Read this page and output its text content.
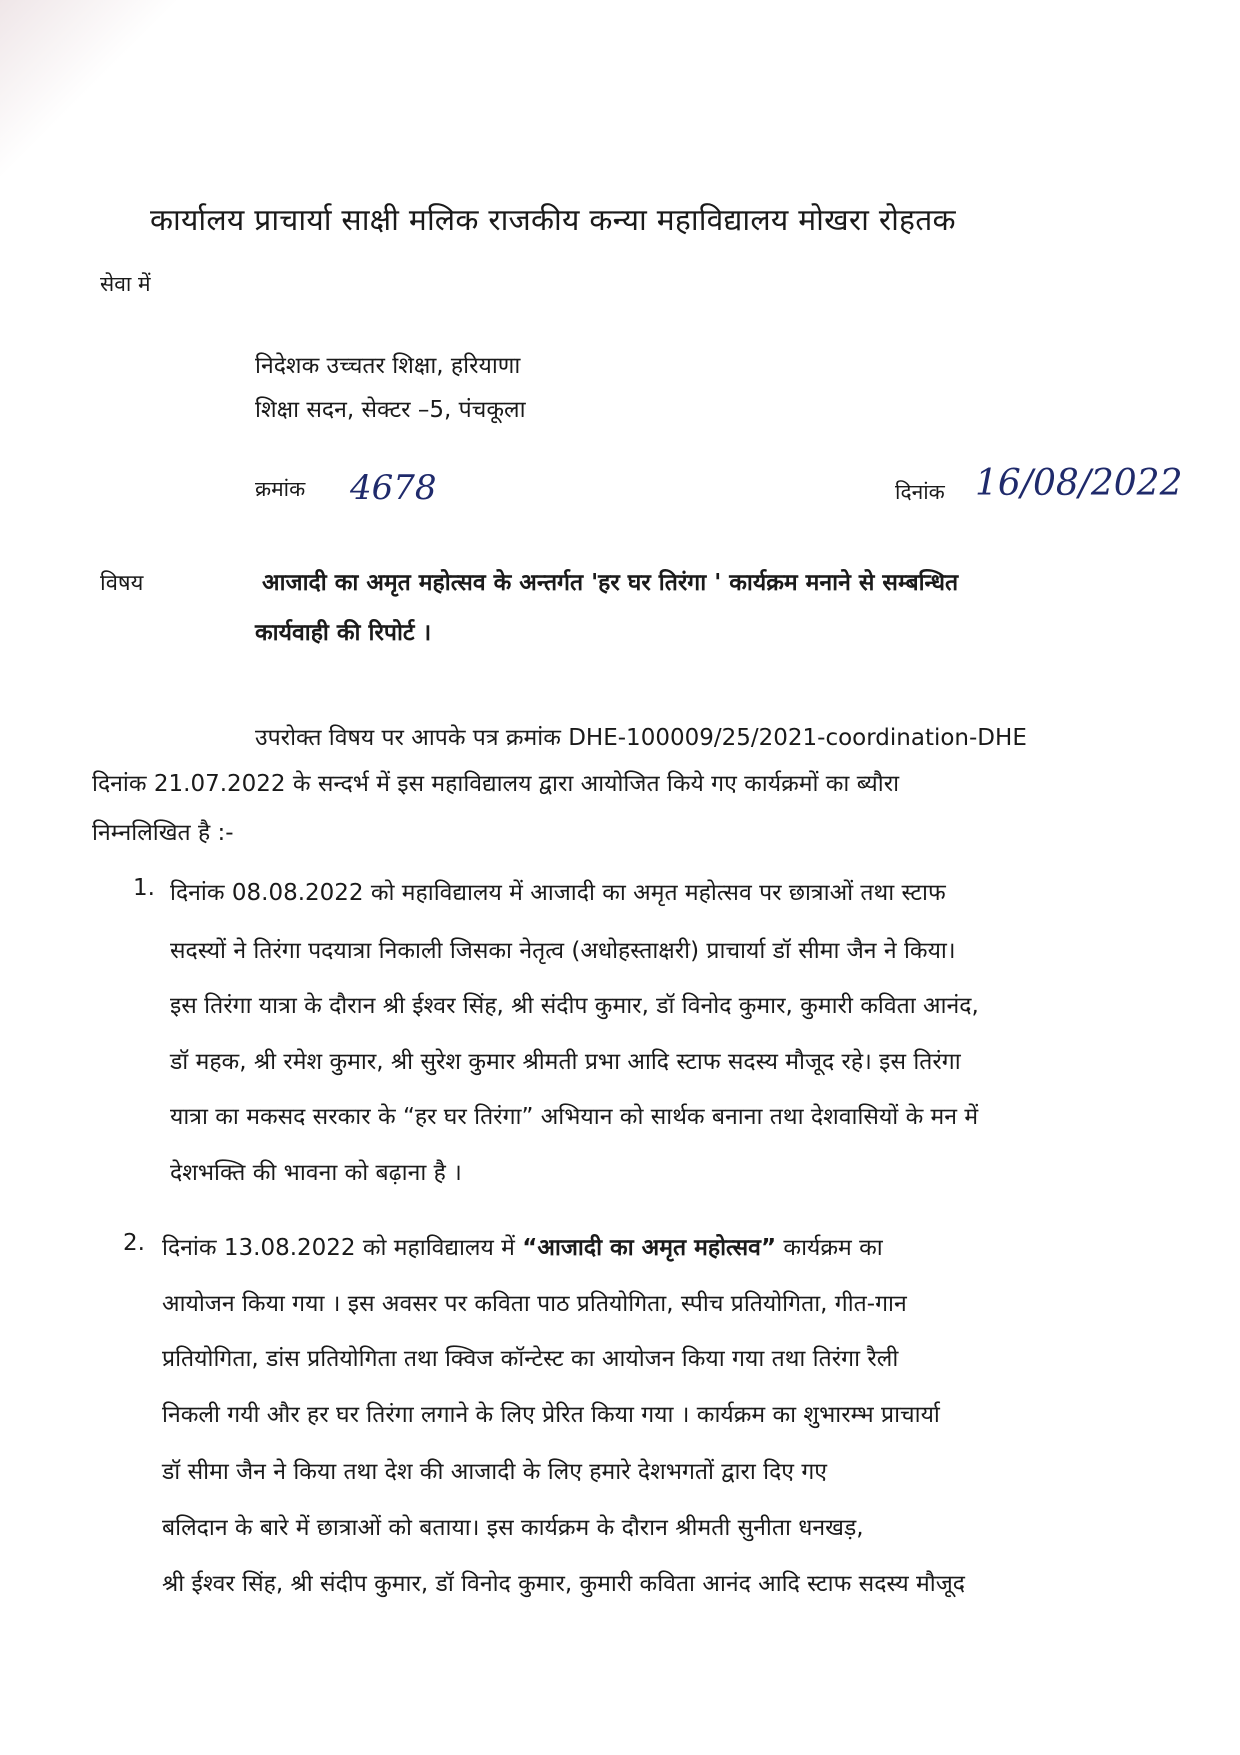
कार्यालय प्राचार्या साक्षी मलिक राजकीय कन्या महाविद्यालय मोखरा रोहतक
सेवा में
निदेशक उच्चतर शिक्षा, हरियाणा
शिक्षा सदन, सेक्टर –5, पंचकूला
क्रमांक 4678	दिनांक 16/08/2022
विषय	आजादी का अमृत महोत्सव के अन्तर्गत 'हर घर तिरंगा ' कार्यक्रम मनाने से सम्बन्धित
कार्यवाही की रिपोर्ट ।
उपरोक्त विषय पर आपके पत्र क्रमांक DHE-100009/25/2021-coordination-DHE
दिनांक 21.07.2022 के सन्दर्भ में इस महाविद्यालय द्वारा आयोजित किये गए कार्यक्रमों का ब्यौरा
निम्नलिखित है :-
1. दिनांक 08.08.2022 को महाविद्यालय में आजादी का अमृत महोत्सव पर छात्राओं तथा स्टाफ
सदस्यों ने तिरंगा पदयात्रा निकाली जिसका नेतृत्व (अधोहस्ताक्षरी) प्राचार्या डॉ सीमा जैन ने किया।
इस तिरंगा यात्रा के दौरान श्री ईश्वर सिंह, श्री संदीप कुमार, डॉ विनोद कुमार, कुमारी कविता आनंद,
डॉ महक, श्री रमेश कुमार, श्री सुरेश कुमार श्रीमती प्रभा आदि स्टाफ सदस्य मौजूद रहे। इस तिरंगा
यात्रा का मकसद सरकार के “हर घर तिरंगा” अभियान को सार्थक बनाना तथा देशवासियों के मन में
देशभक्ति की भावना को बढ़ाना है ।
2. दिनांक 13.08.2022 को महाविद्यालय में “आजादी का अमृत महोत्सव” कार्यक्रम का
आयोजन किया गया । इस अवसर पर कविता पाठ प्रतियोगिता, स्पीच प्रतियोगिता, गीत-गान
प्रतियोगिता, डांस प्रतियोगिता तथा क्विज कॉन्टेस्ट का आयोजन किया गया तथा तिरंगा रैली
निकली गयी और हर घर तिरंगा लगाने के लिए प्रेरित किया गया । कार्यक्रम का शुभारम्भ प्राचार्या
डॉ सीमा जैन ने किया तथा देश की आजादी के लिए हमारे देशभगतों द्वारा दिए गए
बलिदान के बारे में छात्राओं को बताया। इस कार्यक्रम के दौरान श्रीमती सुनीता धनखड़,
श्री ईश्वर सिंह, श्री संदीप कुमार, डॉ विनोद कुमार, कुमारी कविता आनंद आदि स्टाफ सदस्य मौजूद
